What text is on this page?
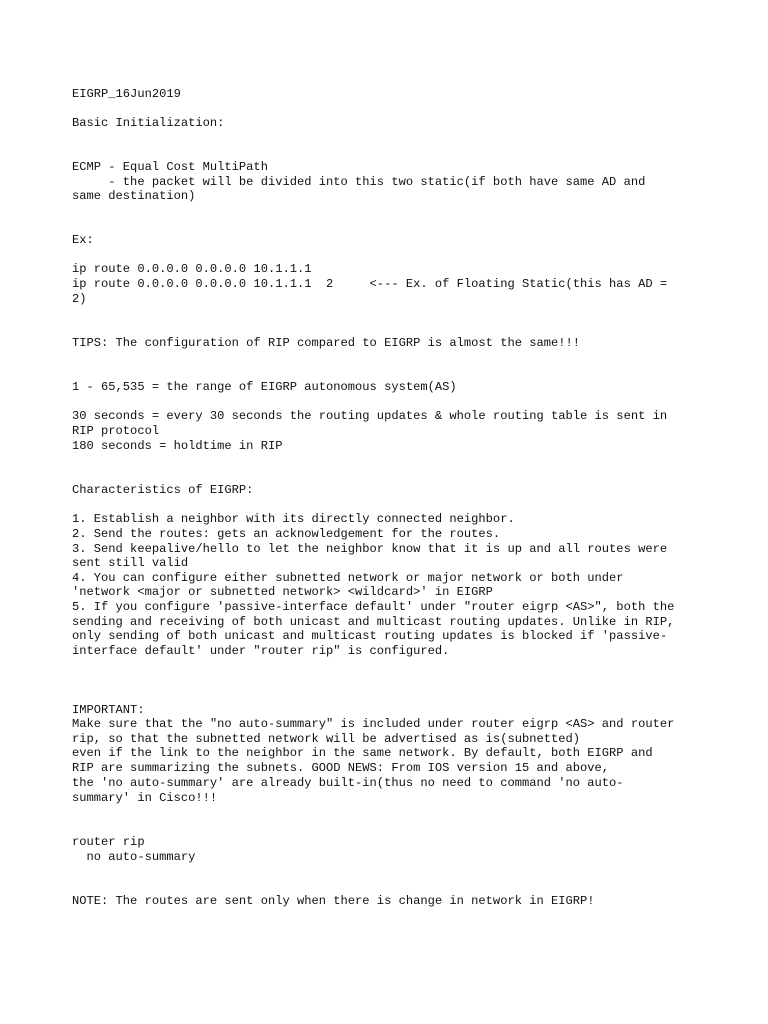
EIGRP_16Jun2019

Basic Initialization:

ECMP - Equal Cost MultiPath

- the packet will be divided into this two static(if both have same AD and

same destination)

Ex:

ip route 0.0.0.0 0.0.0.0 10.1.1.1

ip route 0.0.0.0 0.0.0.0 10.1.1.1  2     <--- Ex. of Floating Static(this has AD =

2)

TIPS: The configuration of RIP compared to EIGRP is almost the same!!!

1 - 65,535 = the range of EIGRP autonomous system(AS)

30 seconds = every 30 seconds the routing updates & whole routing table is sent in

RIP protocol

180 seconds = holdtime in RIP

Characteristics of EIGRP:

1. Establish a neighbor with its directly connected neighbor.

2. Send the routes: gets an acknowledgement for the routes.

3. Send keepalive/hello to let the neighbor know that it is up and all routes were

sent still valid

4. You can configure either subnetted network or major network or both under

'network <major or subnetted network> <wildcard>' in EIGRP

5. If you configure 'passive-interface default' under "router eigrp <AS>", both the

sending and receiving of both unicast and multicast routing updates. Unlike in RIP,

only sending of both unicast and multicast routing updates is blocked if 'passive-

interface default' under "router rip" is configured.

IMPORTANT:

Make sure that the "no auto-summary" is included under router eigrp <AS> and router

rip, so that the subnetted network will be advertised as is(subnetted)

even if the link to the neighbor in the same network. By default, both EIGRP and

RIP are summarizing the subnets. GOOD NEWS: From IOS version 15 and above,

the 'no auto-summary' are already built-in(thus no need to command 'no auto-

summary' in Cisco!!!

router rip

no auto-summary

NOTE: The routes are sent only when there is change in network in EIGRP!
